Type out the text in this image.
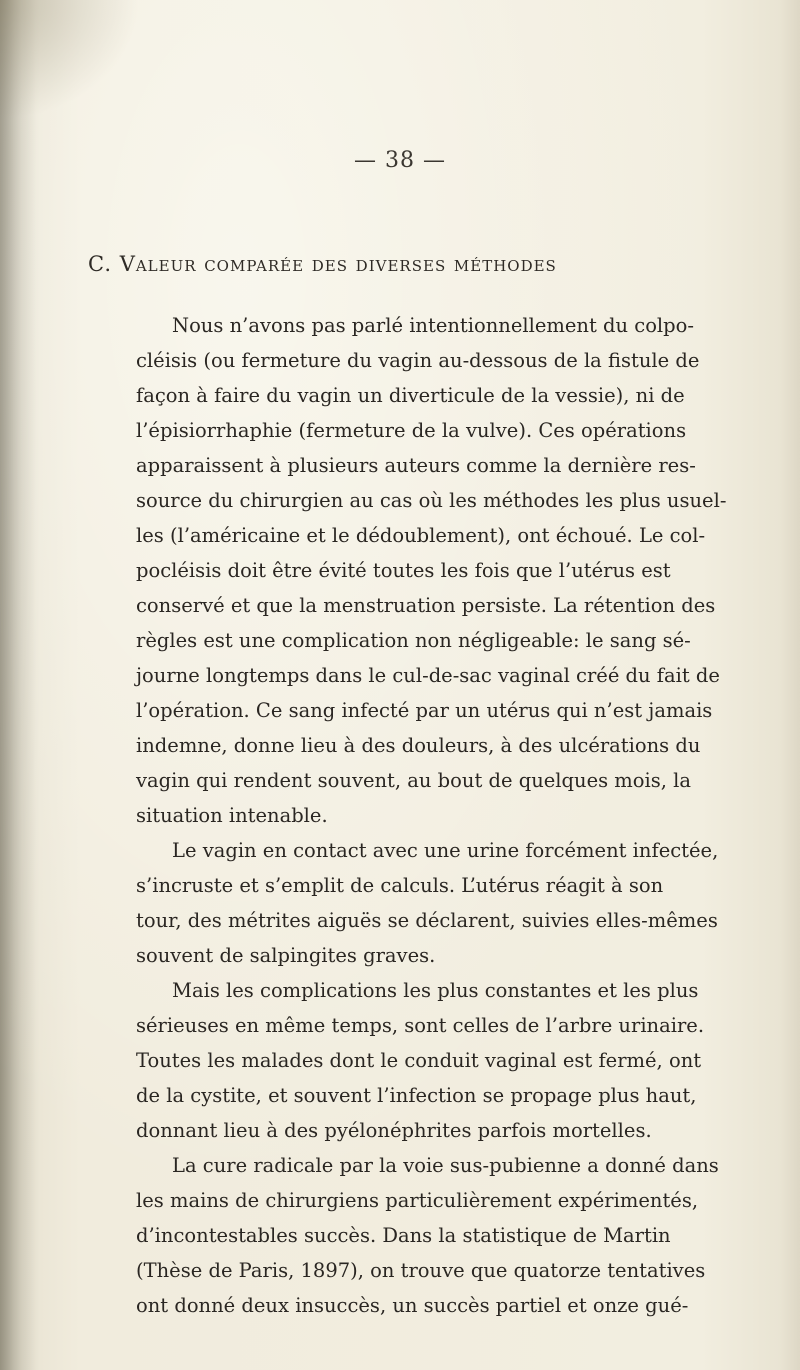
— 38 —
C. Valeur comparée des diverses méthodes
Nous n’avons pas parlé intentionnellement du colpo-
cléisis (ou fermeture du vagin au-dessous de la fistule de
façon à faire du vagin un diverticule de la vessie), ni de
l’épisiorrhaphie (fermeture de la vulve). Ces opérations
apparaissent à plusieurs auteurs comme la dernière res-
source du chirurgien au cas où les méthodes les plus usuel-
les (l’américaine et le dédoublement), ont échoué. Le col-
pocléisis doit être évité toutes les fois que l’utérus est
conservé et que la menstruation persiste. La rétention des
règles est une complication non négligeable: le sang sé-
journe longtemps dans le cul-de-sac vaginal créé du fait de
l’opération. Ce sang infecté par un utérus qui n’est jamais
indemne, donne lieu à des douleurs, à des ulcérations du
vagin qui rendent souvent, au bout de quelques mois, la
situation intenable.
Le vagin en contact avec une urine forcément infectée,
s’incruste et s’emplit de calculs. L’utérus réagit à son
tour, des métrites aiguës se déclarent, suivies elles-mêmes
souvent de salpingites graves.
Mais les complications les plus constantes et les plus
sérieuses en même temps, sont celles de l’arbre urinaire.
Toutes les malades dont le conduit vaginal est fermé, ont
de la cystite, et souvent l’infection se propage plus haut,
donnant lieu à des pyélonéphrites parfois mortelles.
La cure radicale par la voie sus-pubienne a donné dans
les mains de chirurgiens particulièrement expérimentés,
d’incontestables succès. Dans la statistique de Martin
(Thèse de Paris, 1897), on trouve que quatorze tentatives
ont donné deux insuccès, un succès partiel et onze gué-
